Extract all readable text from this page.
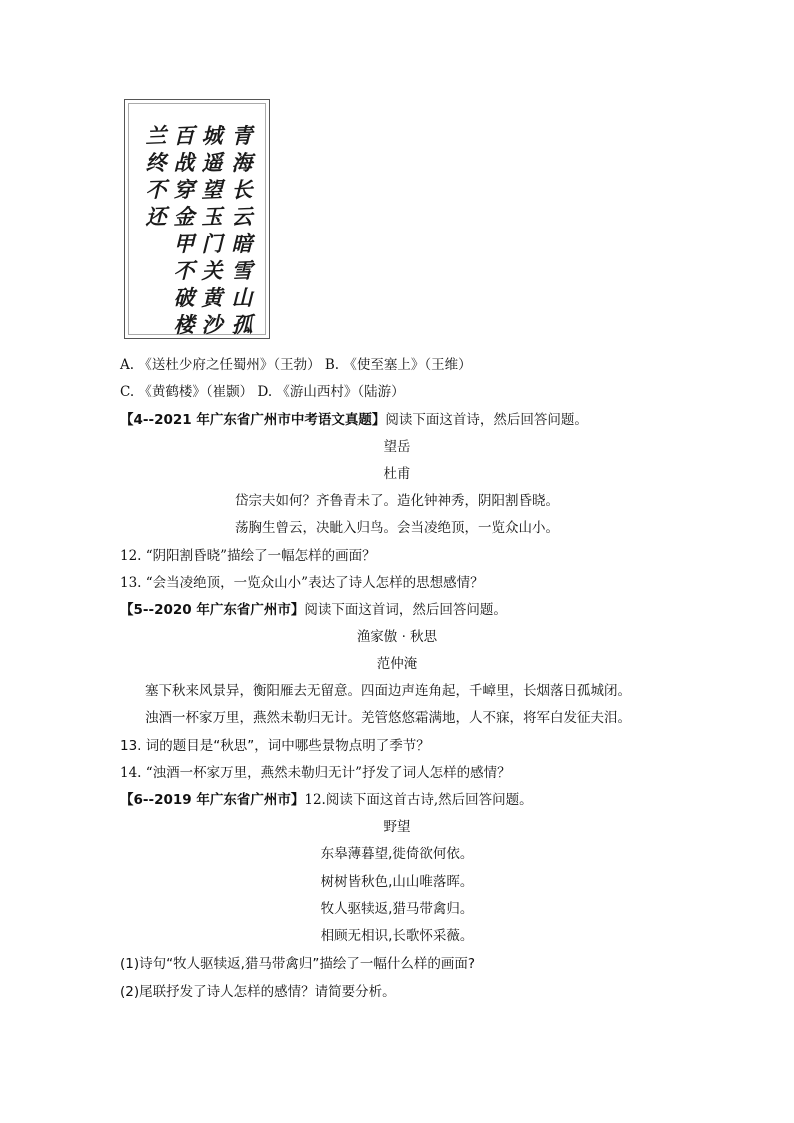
青海长云暗雪山孤
城遥望玉门关黄沙
百战穿金甲不破楼
兰终不还
A. 《送杜少府之任蜀州》（王勃） B. 《使至塞上》（王维）
C. 《黄鹤楼》（崔颢） D. 《游山西村》（陆游）
【4--2021 年广东省广州市中考语文真题】阅读下面这首诗，然后回答问题。
望岳
杜甫
岱宗夫如何？齐鲁青未了。造化钟神秀，阴阳割昏晓。
荡胸生曾云，决眦入归鸟。会当凌绝顶，一览众山小。
12. “阴阳割昏晓”描绘了一幅怎样的画面？
13. “会当凌绝顶，一览众山小”表达了诗人怎样的思想感情？
【5--2020 年广东省广州市】阅读下面这首词，然后回答问题。
渔家傲 · 秋思
范仲淹
塞下秋来风景异，衡阳雁去无留意。四面边声连角起，千嶂里，长烟落日孤城闭。
浊酒一杯家万里，燕然未勒归无计。羌管悠悠霜满地，人不寐，将军白发征夫泪。
13. 词的题目是“秋思”，词中哪些景物点明了季节？
14. “浊酒一杯家万里，燕然未勒归无计”抒发了词人怎样的感情？
【6--2019 年广东省广州市】12.阅读下面这首古诗,然后回答问题。
野望
东皋薄暮望,徙倚欲何依。
树树皆秋色,山山唯落晖。
牧人驱犊返,猎马带禽归。
相顾无相识,长歌怀采薇。
(1)诗句“牧人驱犊返,猎马带禽归”描绘了一幅什么样的画面?
(2)尾联抒发了诗人怎样的感情？请简要分析。
